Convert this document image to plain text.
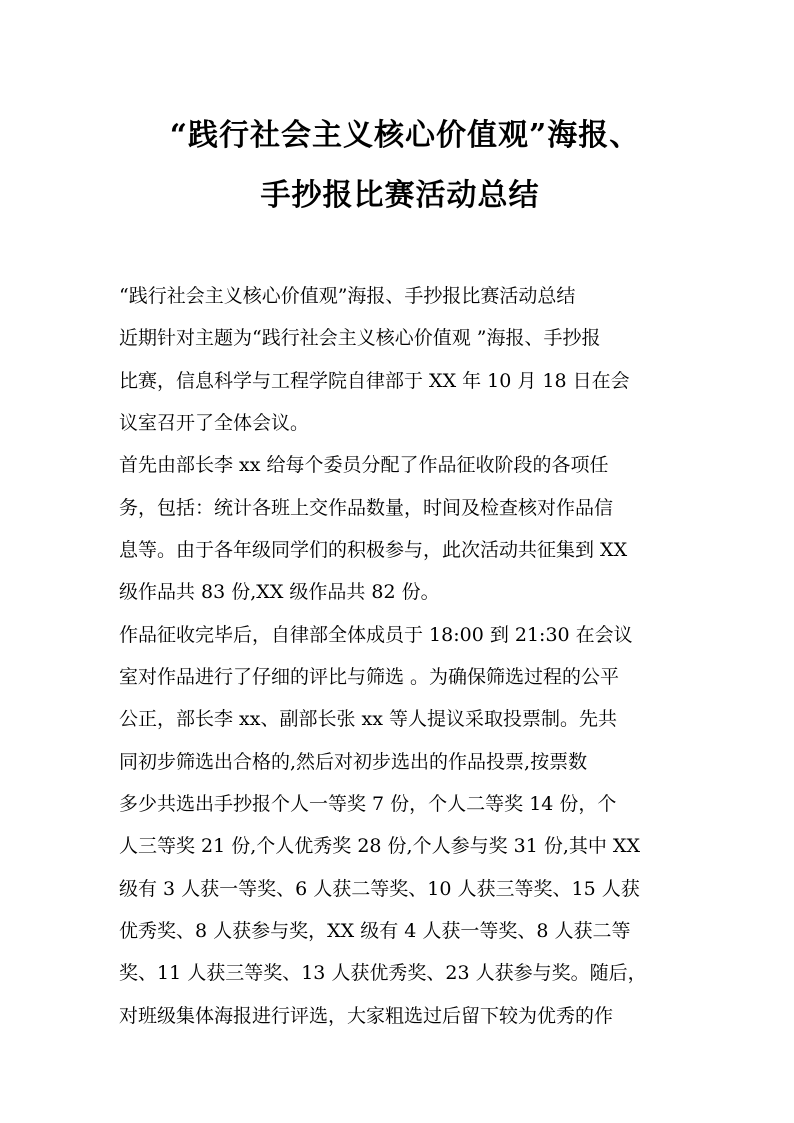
“践行社会主义核心价值观”海报、
手抄报比赛活动总结

“践行社会主义核心价值观”海报、手抄报比赛活动总结

近期针对主题为“践行社会主义核心价值观 ”海报、手抄报

比赛，信息科学与工程学院自律部于 XX 年 10 月 18 日在会

议室召开了全体会议。

首先由部长李 xx 给每个委员分配了作品征收阶段的各项任

务，包括：统计各班上交作品数量，时间及检查核对作品信

息等。由于各年级同学们的积极参与，此次活动共征集到 XX

级作品共 83 份,XX 级作品共 82 份。

作品征收完毕后，自律部全体成员于 18:00 到 21:30 在会议

室对作品进行了仔细的评比与筛选 。为确保筛选过程的公平

公正，部长李 xx、副部长张 xx 等人提议采取投票制。先共

同初步筛选出合格的,然后对初步选出的作品投票,按票数

多少共选出手抄报个人一等奖 7 份，个人二等奖 14 份，个

人三等奖 21 份,个人优秀奖 28 份,个人参与奖 31 份,其中 XX

级有 3 人获一等奖、6 人获二等奖、10 人获三等奖、15 人获

优秀奖、8 人获参与奖，XX 级有 4 人获一等奖、8 人获二等

奖、11 人获三等奖、13 人获优秀奖、23 人获参与奖。随后，

对班级集体海报进行评选，大家粗选过后留下较为优秀的作
